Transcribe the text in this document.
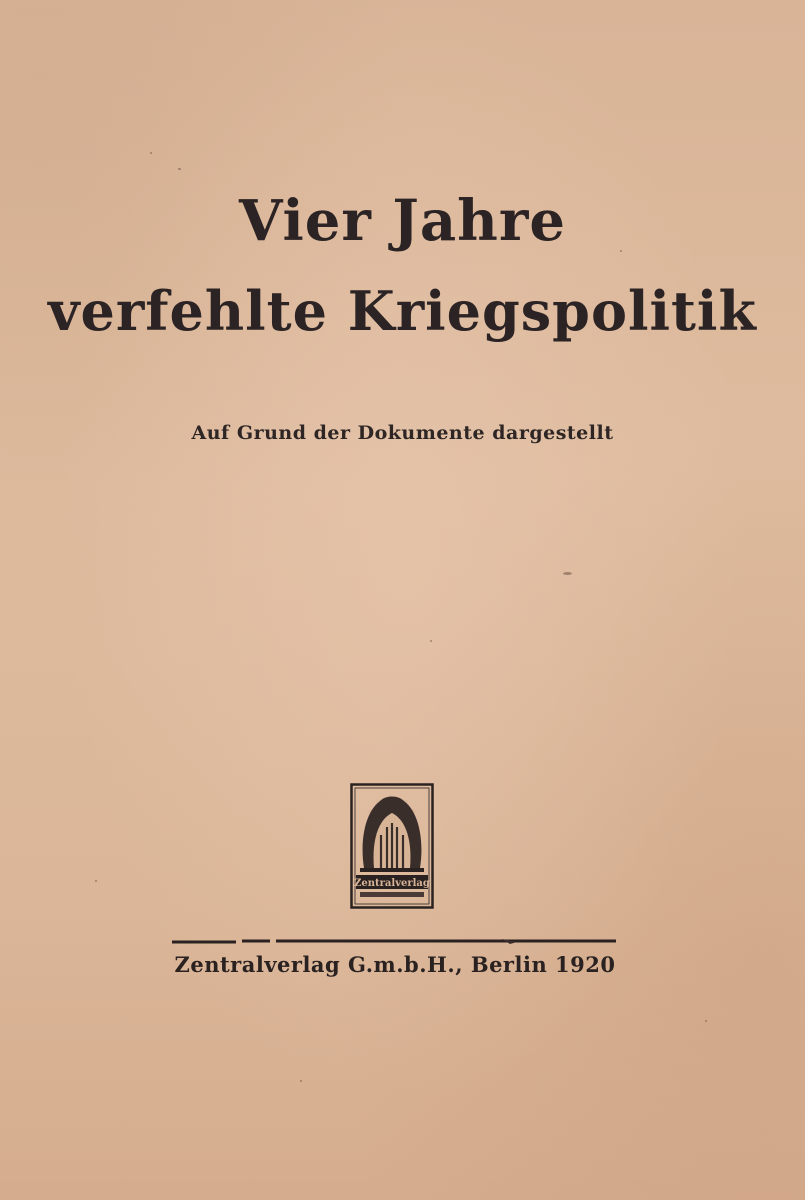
Vier Jahre
verfehlte Kriegspolitik
Auf Grund der Dokumente dargestellt
Zentralverlag
Zentralverlag G.m.b.H., Berlin 1920
